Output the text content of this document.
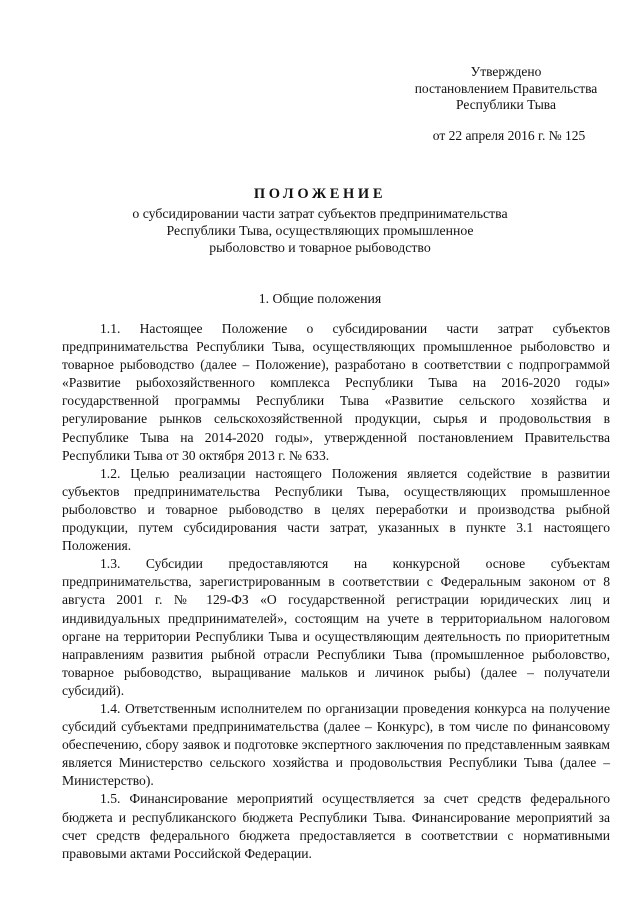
Утверждено
постановлением Правительства
Республики Тыва
от 22 апреля 2016 г. № 125
ПОЛОЖЕНИЕ
о субсидировании части затрат субъектов предпринимательства
Республики Тыва, осуществляющих промышленное
рыболовство и товарное рыбоводство
1. Общие положения

1.1. Настоящее Положение о субсидировании части затрат субъектов предпринимательства Республики Тыва, осуществляющих промышленное рыболовство и товарное рыбоводство (далее – Положение), разработано в соответствии с подпрограммой «Развитие рыбохозяйственного комплекса Республики Тыва на 2016-2020 годы» государственной программы Республики Тыва «Развитие сельского хозяйства и регулирование рынков сельскохозяйственной продукции, сырья и продовольствия в Республике Тыва на 2014-2020 годы», утвержденной постановлением Правительства Республики Тыва от 30 октября 2013 г. № 633.

1.2. Целью реализации настоящего Положения является содействие в развитии субъектов предпринимательства Республики Тыва, осуществляющих промышленное рыболовство и товарное рыбоводство в целях переработки и производства рыбной продукции, путем субсидирования части затрат, указанных в пункте 3.1 настоящего Положения.

1.3. Субсидии предоставляются на конкурсной основе субъектам предпринимательства, зарегистрированным в соответствии с Федеральным законом от 8 августа 2001 г. № 129-ФЗ «О государственной регистрации юридических лиц и индивидуальных предпринимателей», состоящим на учете в территориальном налоговом органе на территории Республики Тыва и осуществляющим деятельность по приоритетным направлениям развития рыбной отрасли Республики Тыва (промышленное рыболовство, товарное рыбоводство, выращивание мальков и личинок рыбы) (далее – получатели субсидий).

1.4. Ответственным исполнителем по организации проведения конкурса на получение субсидий субъектами предпринимательства (далее – Конкурс), в том числе по финансовому обеспечению, сбору заявок и подготовке экспертного заключения по представленным заявкам является Министерство сельского хозяйства и продовольствия Республики Тыва (далее – Министерство).

1.5. Финансирование мероприятий осуществляется за счет средств федерального бюджета и республиканского бюджета Республики Тыва. Финансирование мероприятий за счет средств федерального бюджета предоставляется в соответствии с нормативными правовыми актами Российской Федерации.
